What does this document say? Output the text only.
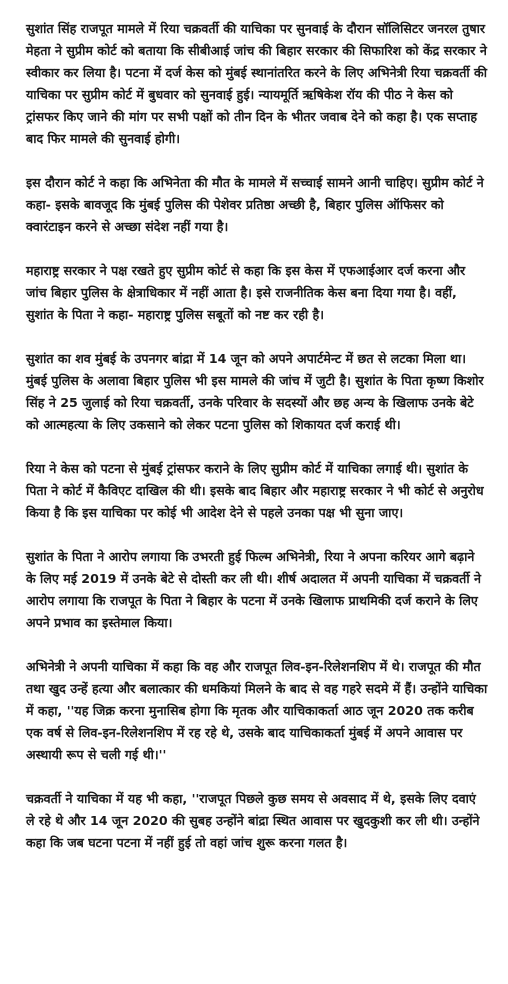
सुशांत सिंह राजपूत मामले में रिया चक्रवर्ती की याचिका पर सुनवाई के दौरान सॉलिसिटर जनरल तुषार मेहता ने सुप्रीम कोर्ट को बताया कि सीबीआई जांच की बिहार सरकार की सिफारिश को केंद्र सरकार ने स्वीकार कर लिया है। पटना में दर्ज केस को मुंबई स्थानांतरित करने के लिए अभिनेत्री रिया चक्रवर्ती की याचिका पर सुप्रीम कोर्ट में बुधवार को सुनवाई हुई। न्यायमूर्ति ऋषिकेश रॉय की पीठ ने केस को ट्रांसफर किए जाने की मांग पर सभी पक्षों को तीन दिन के भीतर जवाब देने को कहा है। एक सप्ताह बाद फिर मामले की सुनवाई होगी।

इस दौरान कोर्ट ने कहा कि अभिनेता की मौत के मामले में सच्चाई सामने आनी चाहिए। सुप्रीम कोर्ट ने कहा- इसके बावजूद कि मुंबई पुलिस की पेशेवर प्रतिष्ठा अच्छी है, बिहार पुलिस ऑफिसर को क्वारंटाइन करने से अच्छा संदेश नहीं गया है।

महाराष्ट्र सरकार ने पक्ष रखते हुए सुप्रीम कोर्ट से कहा कि इस केस में एफआईआर दर्ज करना और जांच बिहार पुलिस के क्षेत्राधिकार में नहीं आता है। इसे राजनीतिक केस बना दिया गया है। वहीं, सुशांत के पिता ने कहा- महाराष्ट्र पुलिस सबूतों को नष्ट कर रही है।

सुशांत का शव मुंबई के उपनगर बांद्रा में 14 जून को अपने अपार्टमेन्ट में छत से लटका मिला था। मुंबई पुलिस के अलावा बिहार पुलिस भी इस मामले की जांच में जुटी है। सुशांत के पिता कृष्ण किशोर सिंह ने 25 जुलाई को रिया चक्रवर्ती, उनके परिवार के सदस्यों और छह अन्य के खिलाफ उनके बेटे को आत्महत्या के लिए उकसाने को लेकर पटना पुलिस को शिकायत दर्ज कराई थी।

रिया ने केस को पटना से मुंबई ट्रांसफर कराने के लिए सुप्रीम कोर्ट में याचिका लगाई थी। सुशांत के पिता ने कोर्ट में कैविएट दाखिल की थी। इसके बाद बिहार और महाराष्ट्र सरकार ने भी कोर्ट से अनुरोध किया है कि इस याचिका पर कोई भी आदेश देने से पहले उनका पक्ष भी सुना जाए।

सुशांत के पिता ने आरोप लगाया कि उभरती हुई फिल्म अभिनेत्री, रिया ने अपना करियर आगे बढ़ाने के लिए मई 2019 में उनके बेटे से दोस्ती कर ली थी। शीर्ष अदालत में अपनी याचिका में चक्रवर्ती ने आरोप लगाया कि राजपूत के पिता ने बिहार के पटना में उनके खिलाफ प्राथमिकी दर्ज कराने के लिए अपने प्रभाव का इस्तेमाल किया।

अभिनेत्री ने अपनी याचिका में कहा कि वह और राजपूत लिव-इन-रिलेशनशिप में थे। राजपूत की मौत तथा खुद उन्हें हत्या और बलात्कार की धमकियां मिलने के बाद से वह गहरे सदमे में हैं। उन्होंने याचिका में कहा, ''यह जिक्र करना मुनासिब होगा कि मृतक और याचिकाकर्ता आठ जून 2020 तक करीब एक वर्ष से लिव-इन-रिलेशनशिप में रह रहे थे, उसके बाद याचिकाकर्ता मुंबई में अपने आवास पर अस्थायी रूप से चली गई थी।''

चक्रवर्ती ने याचिका में यह भी कहा, ''राजपूत पिछले कुछ समय से अवसाद में थे, इसके लिए दवाएं ले रहे थे और 14 जून 2020 की सुबह उन्होंने बांद्रा स्थित आवास पर खुदकुशी कर ली थी। उन्होंने कहा कि जब घटना पटना में नहीं हुई तो वहां जांच शुरू करना गलत है।
